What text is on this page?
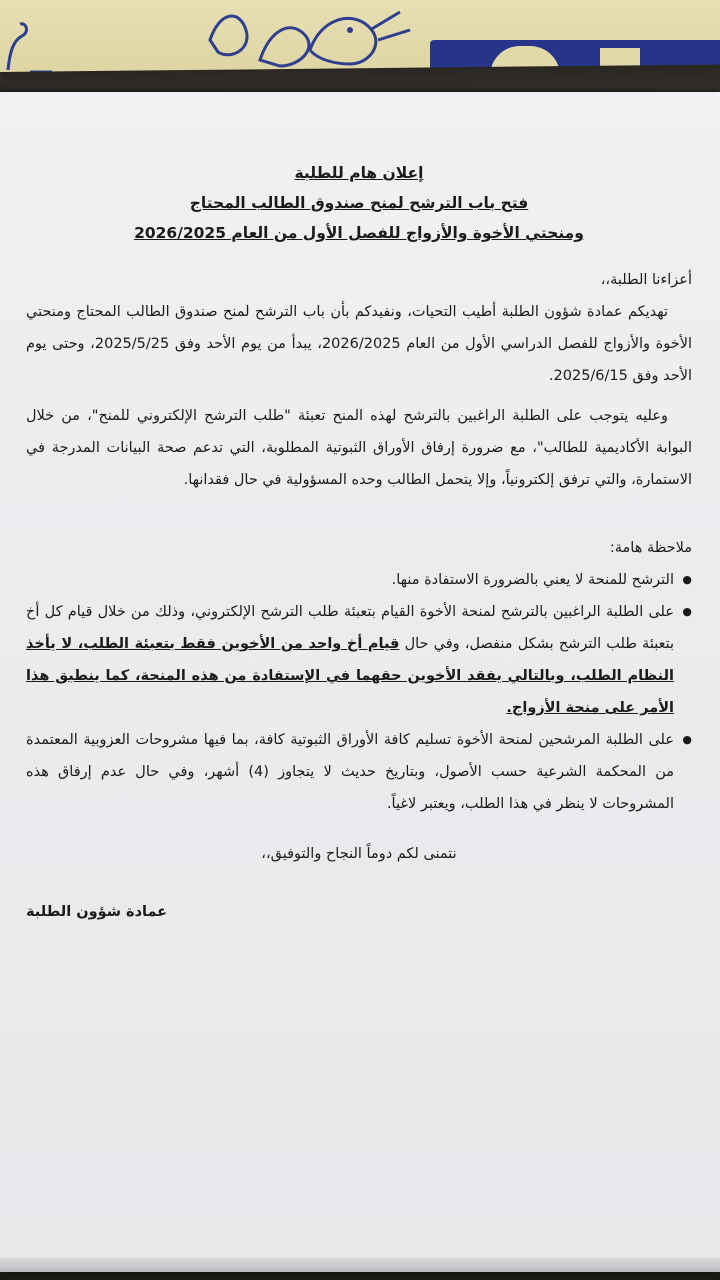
إعلان هام للطلبة
فتح باب الترشح لمنح صندوق الطالب المحتاج
ومنحتي الأخوة والأزواج للفصل الأول من العام 2026/2025
أعزاءنا الطلبة،،

تهديكم عمادة شؤون الطلبة أطيب التحيات، ونفيدكم بأن باب الترشح لمنح صندوق الطالب المحتاج ومنحتي الأخوة والأزواج للفصل الدراسي الأول من العام 2026/2025، يبدأ من يوم الأحد وفق 2025/5/25، وحتى يوم الأحد وفق 2025/6/15.

وعليه يتوجب على الطلبة الراغبين بالترشح لهذه المنح تعبئة "طلب الترشح الإلكتروني للمنح"، من خلال البوابة الأكاديمية للطالب"، مع ضرورة إرفاق الأوراق الثبوتية المطلوبة، التي تدعم صحة البيانات المدرجة في الاستمارة، والتي ترفق إلكترونياً، وإلا يتحمل الطالب وحده المسؤولية في حال فقدانها.

ملاحظة هامة:
●
الترشح للمنحة لا يعني بالضرورة الاستفادة منها.
●
على الطلبة الراغبين بالترشح لمنحة الأخوة القيام بتعبئة طلب الترشح الإلكتروني، وذلك من خلال قيام كل أخ بتعبئة طلب الترشح بشكل منفصل، وفي حال قيام أخ واحد من الأخوين فقط بتعبئة الطلب، لا يأخذ النظام الطلب، وبالتالي يفقد الأخوين حقهما في الإستفادة من هذه المنحة، كما ينطبق هذا الأمر على منحة الأزواج.
●
على الطلبة المرشحين لمنحة الأخوة تسليم كافة الأوراق الثبوتية كافة، بما فيها مشروحات العزوبية المعتمدة من المحكمة الشرعية حسب الأصول، وبتاريخ حديث لا يتجاوز (4) أشهر، وفي حال عدم إرفاق هذه المشروحات لا ينظر في هذا الطلب، ويعتبر لاغياً.
نتمنى لكم دوماً النجاح والتوفيق،،
عمادة شؤون الطلبة
